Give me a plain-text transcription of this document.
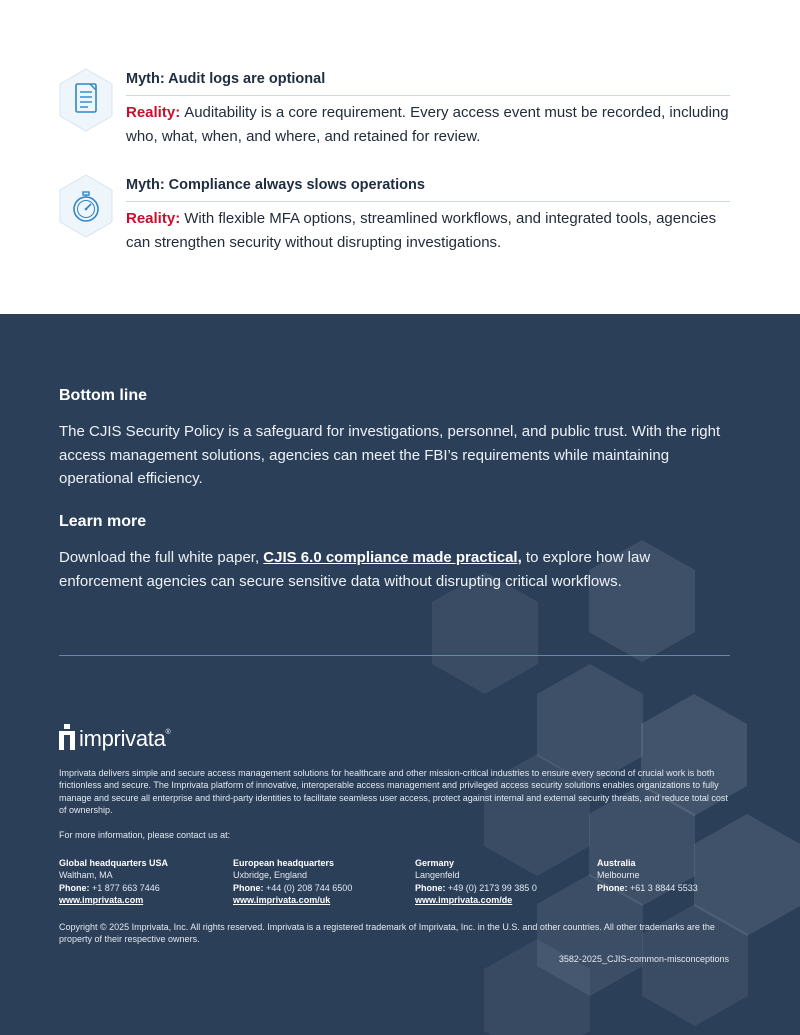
Myth: Audit logs are optional
Reality: Auditability is a core requirement. Every access event must be recorded, including who, what, when, and where, and retained for review.
Myth: Compliance always slows operations
Reality: With flexible MFA options, streamlined workflows, and integrated tools, agencies can strengthen security without disrupting investigations.
Bottom line
The CJIS Security Policy is a safeguard for investigations, personnel, and public trust. With the right access management solutions, agencies can meet the FBI’s requirements while maintaining operational efficiency.
Learn more
Download the full white paper, CJIS 6.0 compliance made practical, to explore how law enforcement agencies can secure sensitive data without disrupting critical workflows.
imprivata ®
Imprivata delivers simple and secure access management solutions for healthcare and other mission-critical industries to ensure every second of crucial work is both frictionless and secure. The Imprivata platform of innovative, interoperable access management and privileged access security solutions enables organizations to fully manage and secure all enterprise and third-party identities to facilitate seamless user access, protect against internal and external security threats, and reduce total cost of ownership.
For more information, please contact us at:
Global headquarters USA
Waltham, MA
Phone: +1 877 663 7446
www.imprivata.com
European headquarters
Uxbridge, England
Phone: +44 (0) 208 744 6500
www.imprivata.com/uk
Germany
Langenfeld
Phone: +49 (0) 2173 99 385 0
www.imprivata.com/de
Australia
Melbourne
Phone: +61 3 8844 5533
Copyright © 2025 Imprivata, Inc. All rights reserved. Imprivata is a registered trademark of Imprivata, Inc. in the U.S. and other countries. All other trademarks are the property of their respective owners.
3582-2025_CJIS-common-misconceptions
